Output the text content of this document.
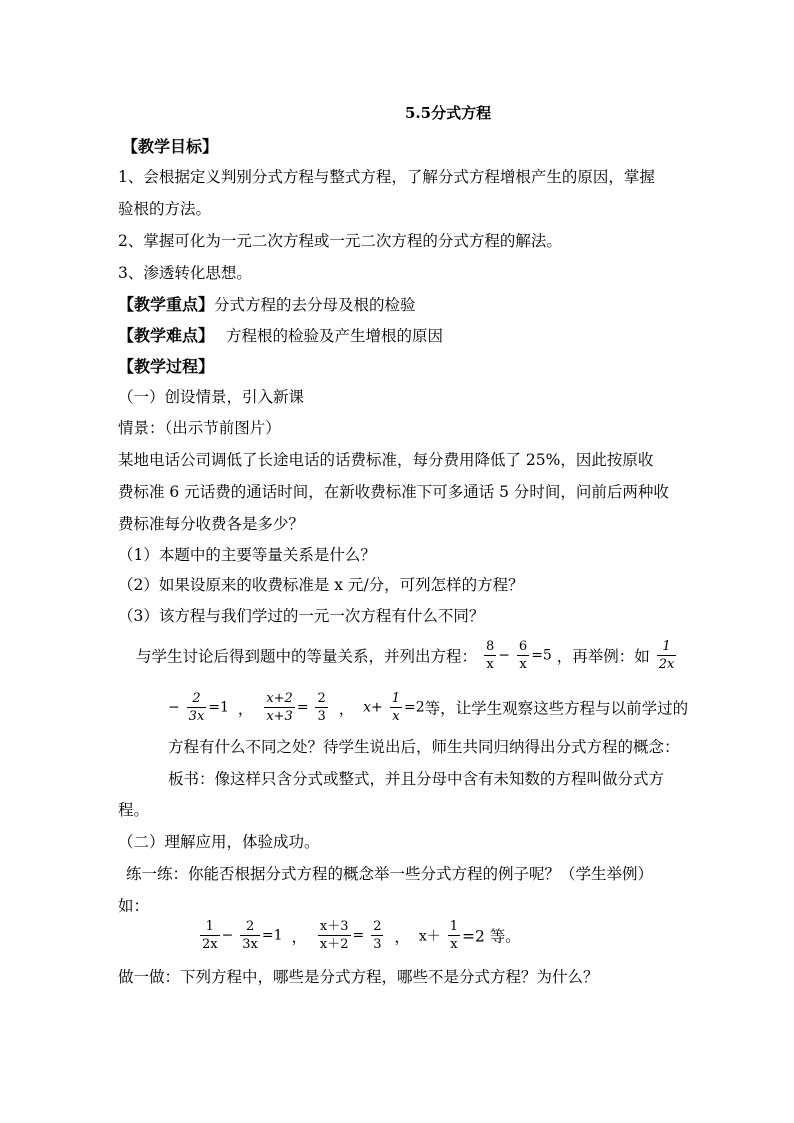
5.5分式方程
【教学目标】
1、会根据定义判别分式方程与整式方程，了解分式方程增根产生的原因，掌握
验根的方法。
2、掌握可化为一元二次方程或一元二次方程的分式方程的解法。
3、渗透转化思想。
【教学重点】分式方程的去分母及根的检验
【教学难点】 方程根的检验及产生增根的原因
【教学过程】
（一）创设情景，引入新课
情景：（出示节前图片）
某地电话公司调低了长途电话的话费标准，每分费用降低了 25%，因此按原收
费标准 6 元话费的通话时间，在新收费标准下可多通话 5 分时间，问前后两种收
费标准每分收费各是多少？
（1）本题中的主要等量关系是什么？
（2）如果设原来的收费标准是 x 元/分，可列怎样的方程？
（3）该方程与我们学过的一元一次方程有什么不同？
与学生讨论后得到题中的等量关系，并列出方程： $\frac{8}{x} - \frac{6}{x} =5$ ，再举例：如 $\frac{1}{2x}$
− $\frac{2}{3x} =1$ ， $\frac{x+2}{x+3} = \frac{2}{3}$ ， $x+ \frac{1}{x} =2$等，让学生观察这些方程与以前学过的
方程有什么不同之处？待学生说出后，师生共同归纳得出分式方程的概念：
板书：像这样只含分式或整式，并且分母中含有未知数的方程叫做分式方
程。
（二）理解应用，体验成功。
练一练：你能否根据分式方程的概念举一些分式方程的例子呢？（学生举例）
如：
$\frac{1}{2x} - \frac{2}{3x} =1$ ， $\frac{x+3}{x+2} = \frac{2}{3}$ ， $x+ \frac{1}{x} =2$ 等。
做一做：下列方程中，哪些是分式方程，哪些不是分式方程？为什么？
